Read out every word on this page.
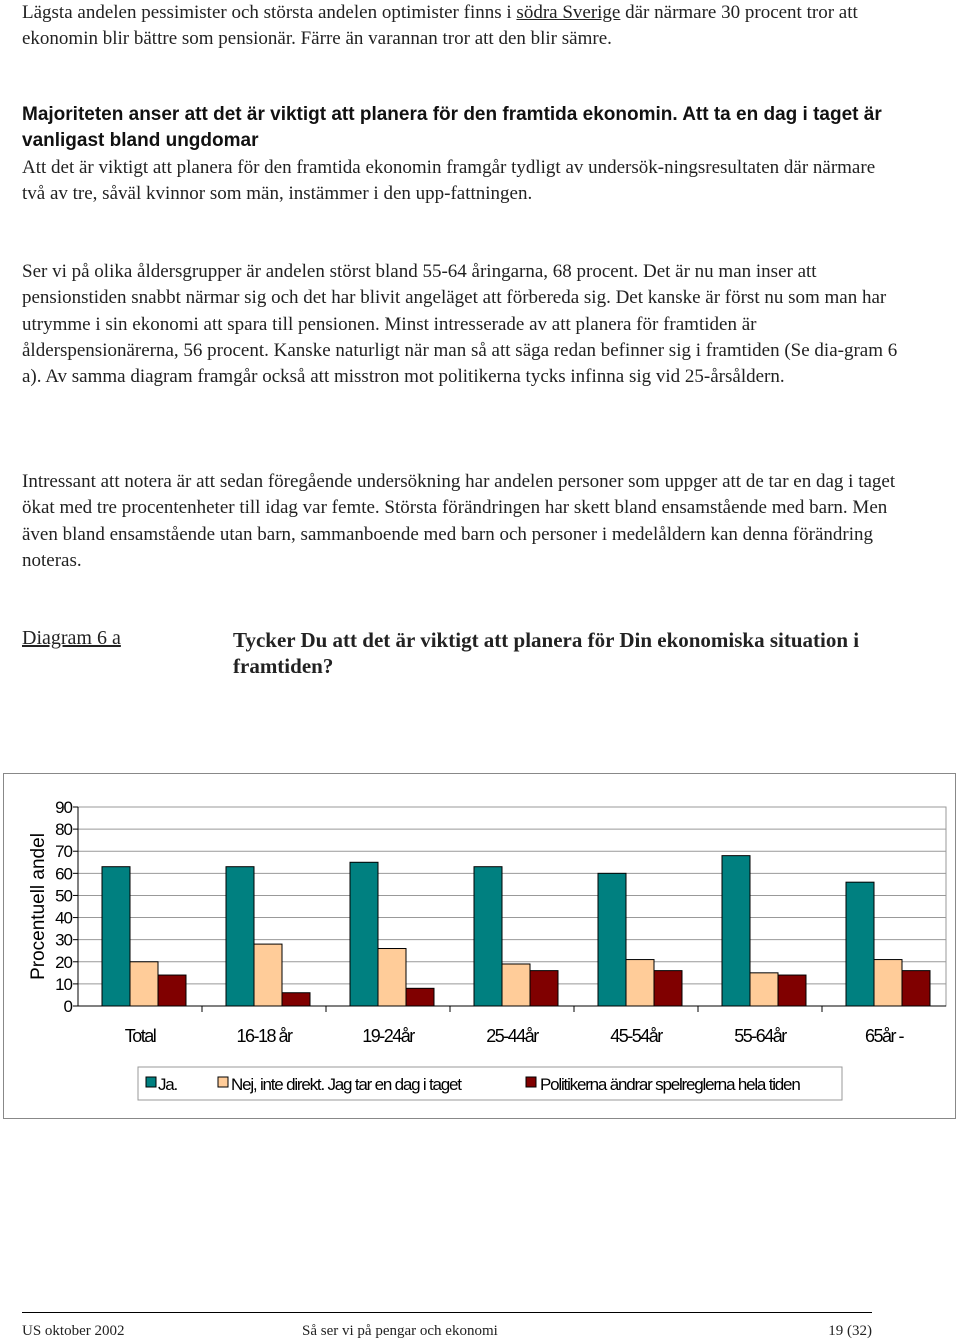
Lägsta andelen pessimister och största andelen optimister finns i södra Sverige där närmare 30 procent tror att ekonomin blir bättre som pensionär. Färre än varannan tror att den blir sämre.

Majoriteten anser att det är viktigt att planera för den framtida ekonomin. Att ta en dag i taget är vanligast bland ungdomar

Att det är viktigt att planera för den framtida ekonomin framgår tydligt av undersök-ningsresultaten där närmare två av tre, såväl kvinnor som män, instämmer i den upp-fattningen.

Ser vi på olika åldersgrupper är andelen störst bland 55-64 åringarna, 68 procent. Det är nu man inser att pensionstiden snabbt närmar sig och det har blivit angeläget att förbereda sig. Det kanske är först nu som man har utrymme i sin ekonomi att spara till pensionen. Minst intresserade av att planera för framtiden är ålderspensionärerna, 56 procent. Kanske naturligt när man så att säga redan befinner sig i framtiden (Se dia-gram 6 a). Av samma diagram framgår också att misstron mot politikerna tycks infinna sig vid 25-årsåldern.

Intressant att notera är att sedan föregående undersökning har andelen personer som uppger att de tar en dag i taget ökat med tre procentenheter till idag var femte. Största förändringen har skett bland ensamstående med barn. Men även bland ensamstående utan barn, sammanboende med barn och personer i medelåldern kan denna förändring noteras.

Diagram 6 a	Tycker Du att det är viktigt att planera för Din ekonomiska situation i framtiden?
0
10
20
30
40
50
60
70
80
90
Procentuell andel
Total	16-18 år	19-24år	25-44år	45-54år	55-64år	65år -
Ja.	Nej, inte direkt. Jag tar en dag i taget	Politikerna ändrar spelreglerna hela tiden
US oktober 2002	Så ser vi på pengar och ekonomi	19 (32)
